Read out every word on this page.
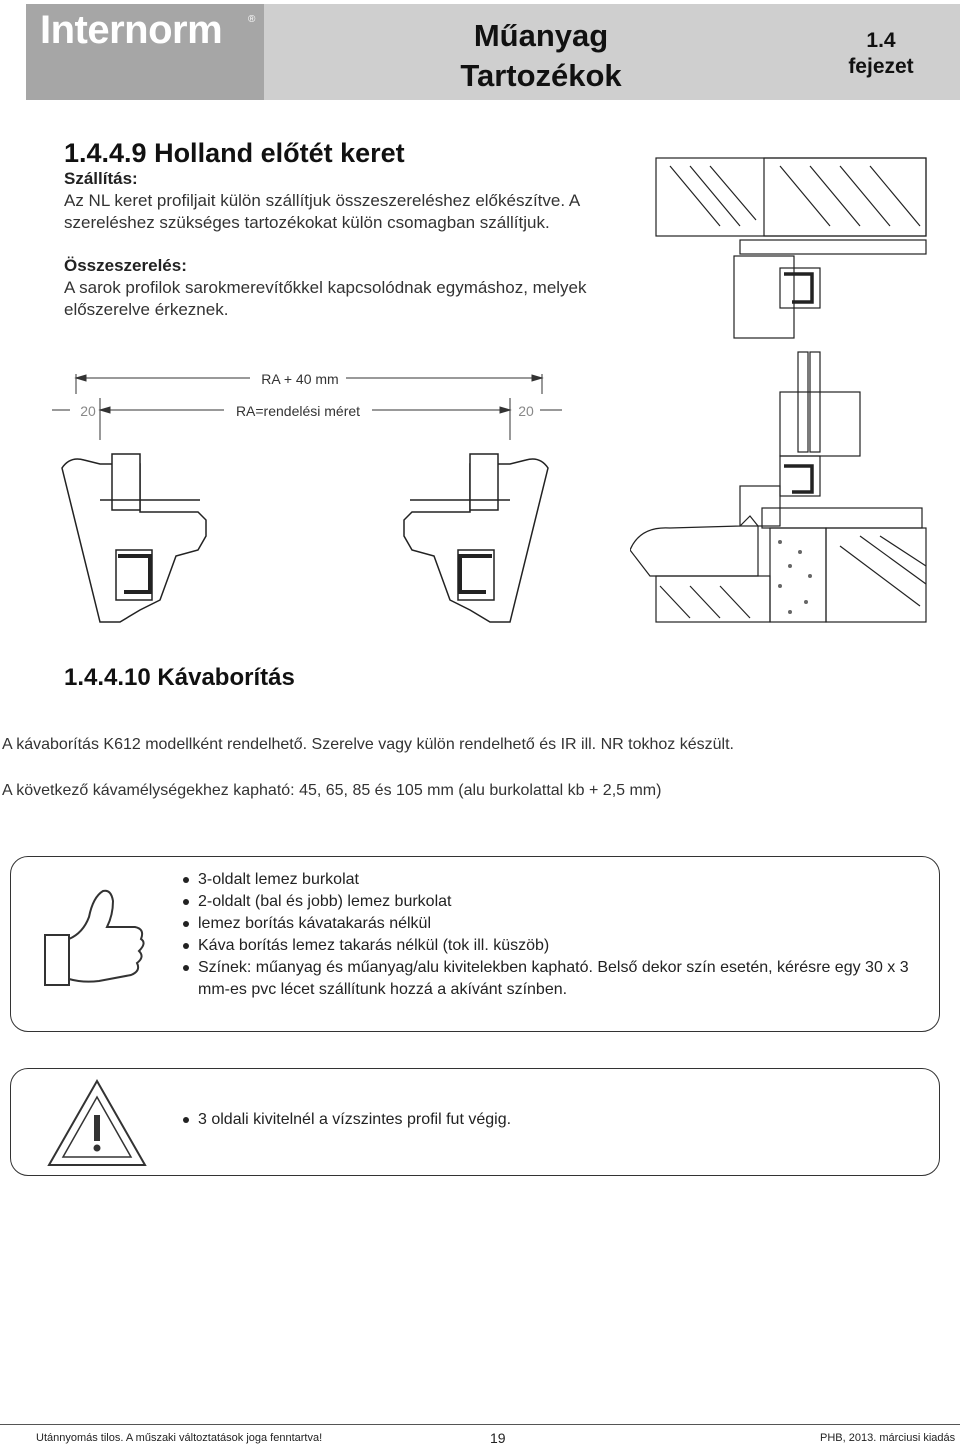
Internorm	®	Műanyag
Tartozékok
1.4
fejezet
1.4.4.9 Holland előtét keret
Szállítás:
Az NL keret profiljait külön szállítjuk összeszereléshez előkészítve. A
szereléshez szükséges tartozékokat külön csomagban szállítjuk.
Összeszerelés:
A sarok profilok sarokmerevítőkkel kapcsolódnak egymáshoz, melyek
előszerelve érkeznek.
RA + 40 mm
RA=rendelési méret
20	20
1.4.4.10 Kávaborítás
A kávaborítás K612 modellként rendelhető. Szerelve vagy külön rendelhető és IR ill. NR tokhoz készült.
A következő kávamélységekhez kapható: 45, 65, 85 és 105 mm (alu burkolattal kb + 2,5 mm)
3-oldalt lemez burkolat
2-oldalt (bal és jobb) lemez burkolat
lemez borítás kávatakarás nélkül
Káva borítás lemez takarás nélkül (tok ill. küszöb)
Színek: műanyag és műanyag/alu kivitelekben kapható. Belső dekor szín esetén, kérésre egy 30 x 3 mm-es pvc lécet szállítunk hozzá a akívánt színben.
3 oldali kivitelnél a vízszintes profil fut végig.
Utánnyomás tilos. A műszaki változtatások joga fenntartva!	19	PHB, 2013. márciusi kiadás
